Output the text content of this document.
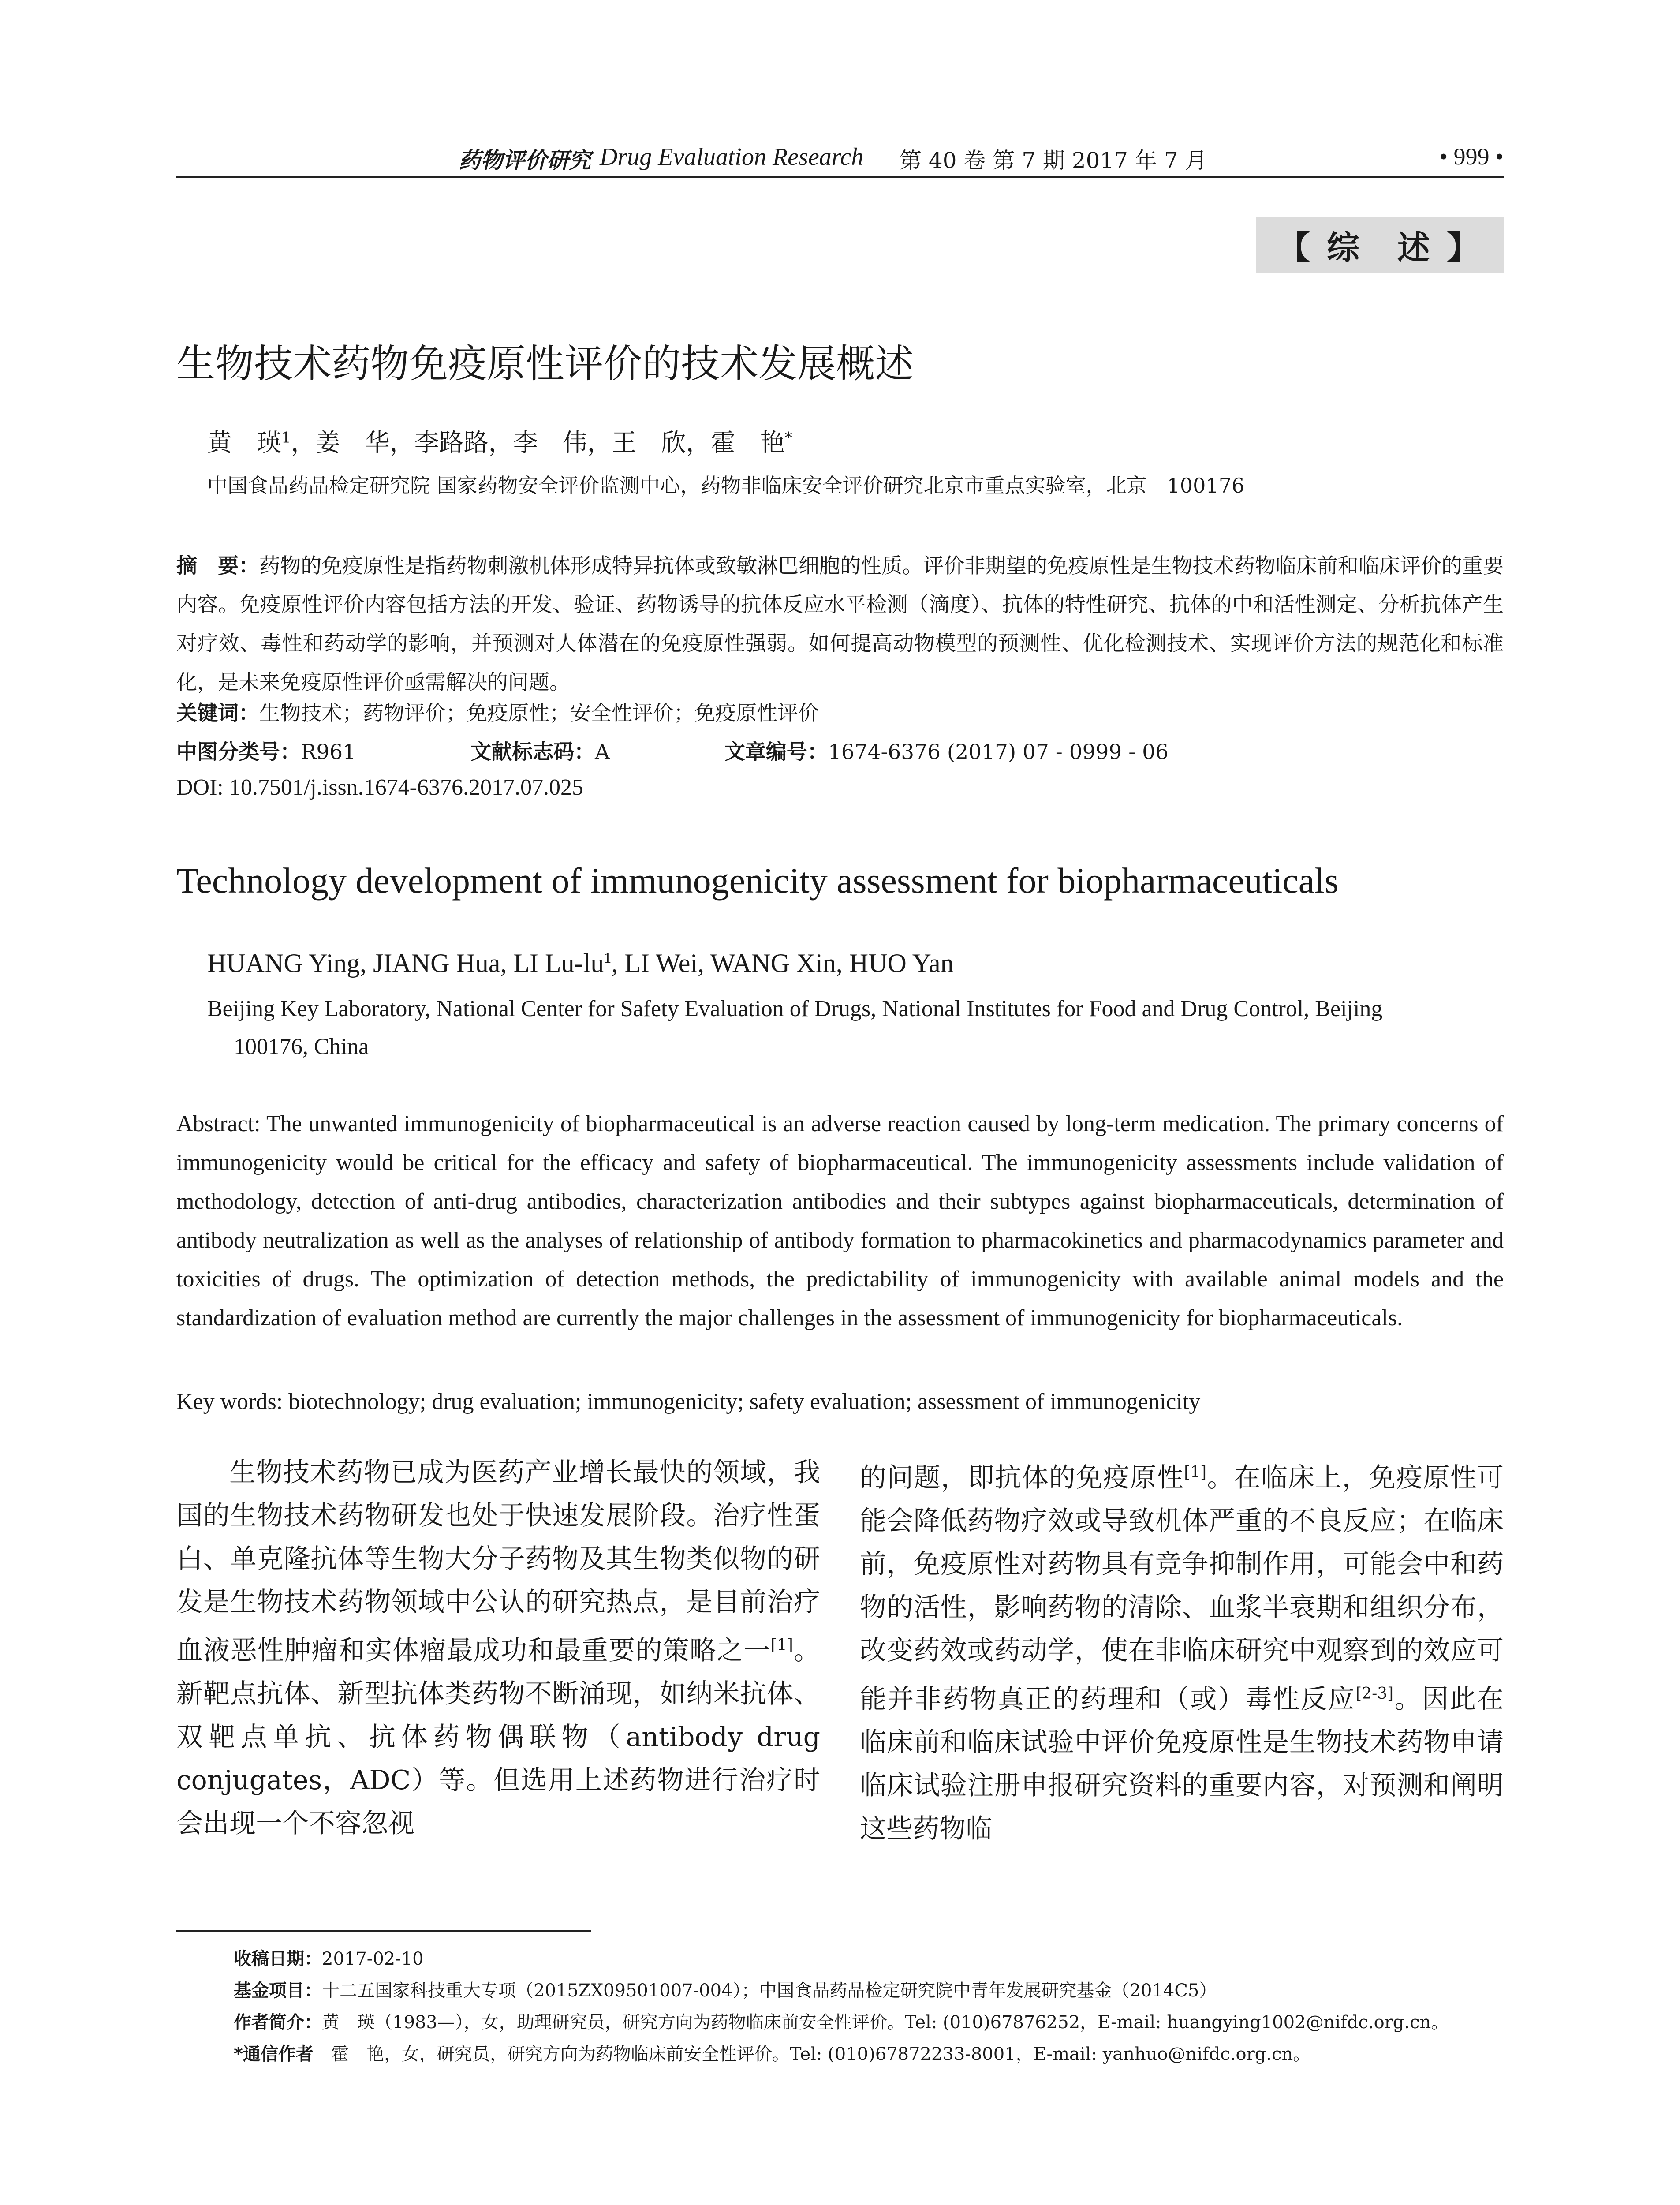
药物评价研究 Drug Evaluation Research 第 40 卷 第 7 期 2017 年 7 月	• 999 •
【 综　述 】
生物技术药物免疫原性评价的技术发展概述
黄　瑛$^1$，姜　华，李路路，李　伟，王　欣，霍　艳*
中国食品药品检定研究院 国家药物安全评价监测中心，药物非临床安全评价研究北京市重点实验室，北京　100176
摘　要：药物的免疫原性是指药物刺激机体形成特异抗体或致敏淋巴细胞的性质。评价非期望的免疫原性是生物技术药物临床前和临床评价的重要内容。免疫原性评价内容包括方法的开发、验证、药物诱导的抗体反应水平检测（滴度）、抗体的特性研究、抗体的中和活性测定、分析抗体产生对疗效、毒性和药动学的影响，并预测对人体潜在的免疫原性强弱。如何提高动物模型的预测性、优化检测技术、实现评价方法的规范化和标准化，是未来免疫原性评价亟需解决的问题。
关键词：生物技术；药物评价；免疫原性；安全性评价；免疫原性评价
中图分类号：R961	文献标志码：A	文章编号：1674-6376 (2017) 07 - 0999 - 06
DOI: 10.7501/j.issn.1674-6376.2017.07.025
Technology development of immunogenicity assessment for biopharmaceuticals
HUANG Ying, JIANG Hua, LI $Lu-lu^1$, LI Wei, WANG Xin, HUO Yan
Beijing Key Laboratory, National Center for Safety Evaluation of Drugs, National Institutes for Food and Drug Control, Beijing
100176, China
Abstract: The unwanted immunogenicity of biopharmaceutical is an adverse reaction caused by long-term medication. The primary concerns of immunogenicity would be critical for the efficacy and safety of biopharmaceutical. The immunogenicity assessments include validation of methodology, detection of anti-drug antibodies, characterization antibodies and their subtypes against biopharmaceuticals, determination of antibody neutralization as well as the analyses of relationship of antibody formation to pharmacokinetics and pharmacodynamics parameter and toxicities of drugs. The optimization of detection methods, the predictability of immunogenicity with available animal models and the standardization of evaluation method are currently the major challenges in the assessment of immunogenicity for biopharmaceuticals.
Key words: biotechnology; drug evaluation; immunogenicity; safety evaluation; assessment of immunogenicity

生物技术药物已成为医药产业增长最快的领域，我国的生物技术药物研发也处于快速发展阶段。治疗性蛋白、单克隆抗体等生物大分子药物及其生物类似物的研发是生物技术药物领域中公认的研究热点，是目前治疗血液恶性肿瘤和实体瘤最成功和最重要的策略之一[1]。新靶点抗体、新型抗体类药物不断涌现，如纳米抗体、双靶点单抗、抗体药物偶联物（antibody drug conjugates，ADC）等。但选用上述药物进行治疗时会出现一个不容忽视

的问题，即抗体的免疫原性[1]。在临床上，免疫原性可能会降低药物疗效或导致机体严重的不良反应；在临床前，免疫原性对药物具有竞争抑制作用，可能会中和药物的活性，影响药物的清除、血浆半衰期和组织分布，改变药效或药动学，使在非临床研究中观察到的效应可能并非药物真正的药理和（或）毒性反应[2-3]。因此在临床前和临床试验中评价免疫原性是生物技术药物申请临床试验注册申报研究资料的重要内容，对预测和阐明这些药物临

收稿日期：2017-02-10
基金项目：十二五国家科技重大专项（2015ZX09501007-004）；中国食品药品检定研究院中青年发展研究基金（2014C5）
作者简介：黄　瑛（1983—），女，助理研究员，研究方向为药物临床前安全性评价。Tel: (010)67876252，E-mail: huangying1002@nifdc.org.cn。
*通信作者　霍　艳，女，研究员，研究方向为药物临床前安全性评价。Tel: (010)67872233-8001，E-mail: yanhuo@nifdc.org.cn。
